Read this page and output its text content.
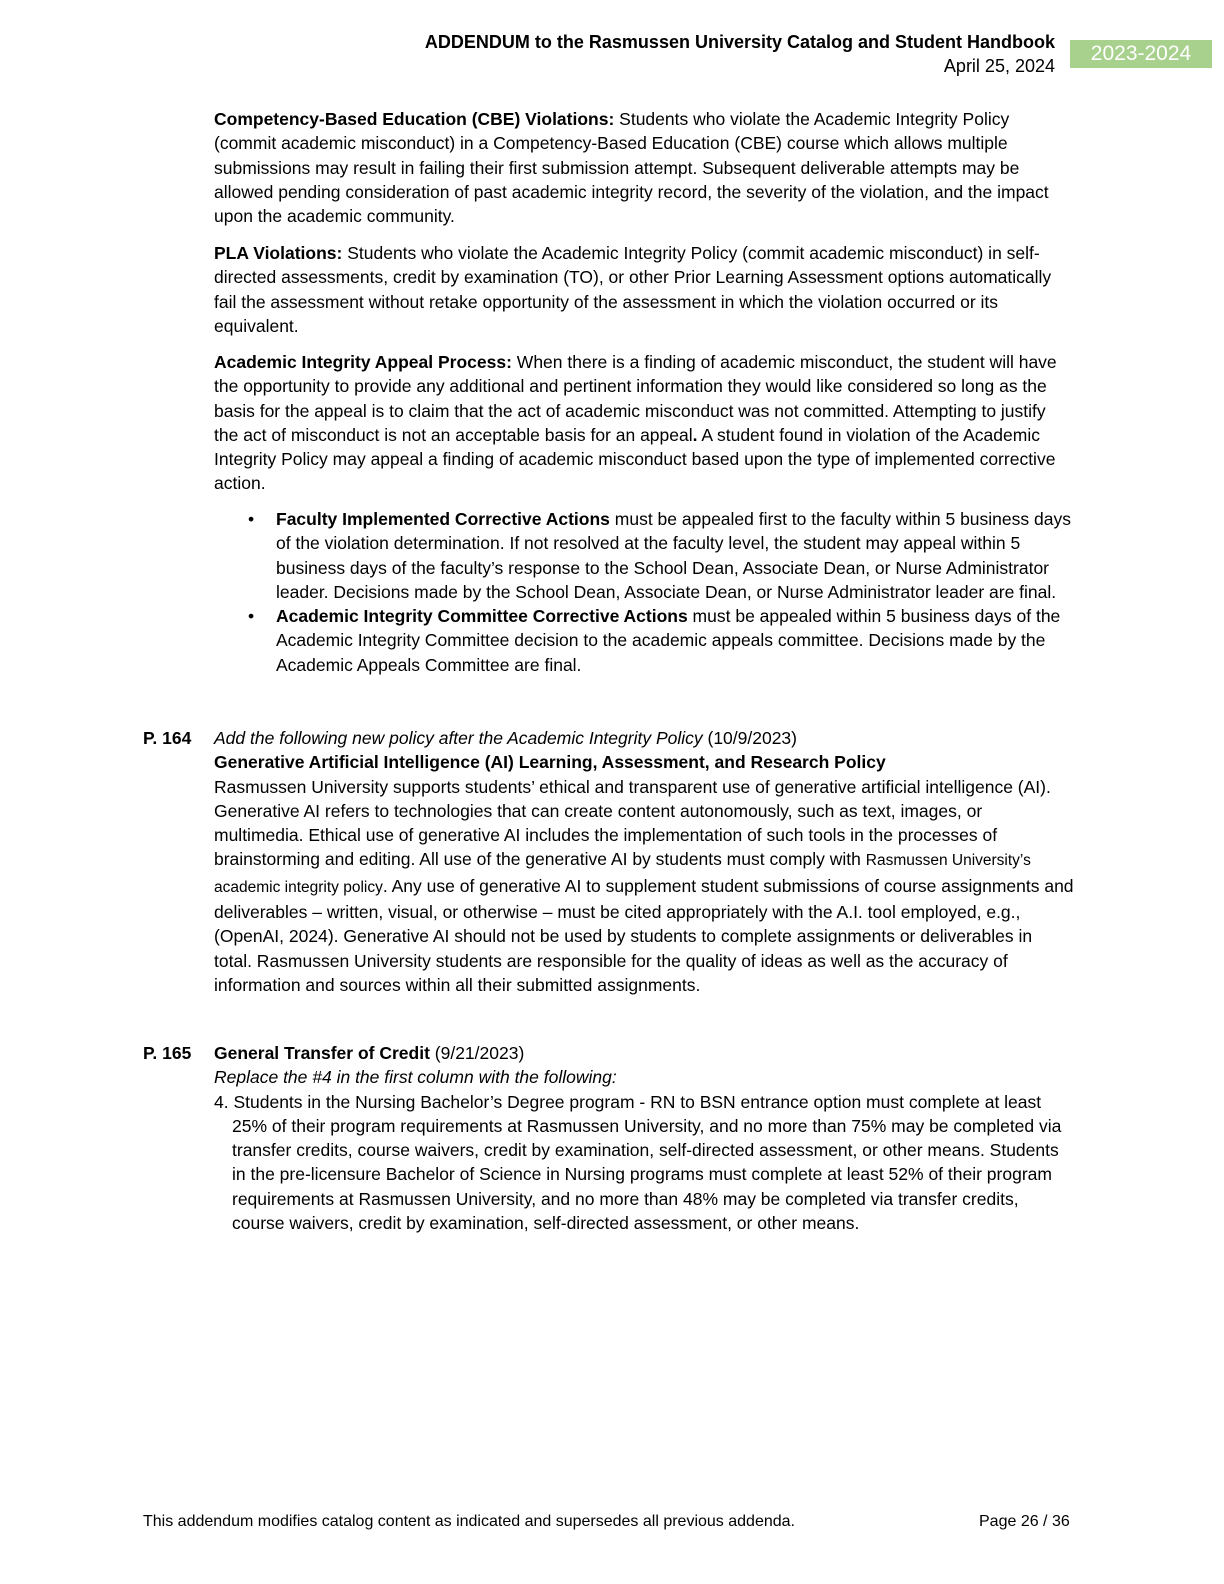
ADDENDUM to the Rasmussen University Catalog and Student Handbook
April 25, 2024
2023-2024

Competency-Based Education (CBE) Violations: Students who violate the Academic Integrity Policy (commit academic misconduct) in a Competency-Based Education (CBE) course which allows multiple submissions may result in failing their first submission attempt. Subsequent deliverable attempts may be allowed pending consideration of past academic integrity record, the severity of the violation, and the impact upon the academic community.

PLA Violations: Students who violate the Academic Integrity Policy (commit academic misconduct) in self-directed assessments, credit by examination (TO), or other Prior Learning Assessment options automatically fail the assessment without retake opportunity of the assessment in which the violation occurred or its equivalent.

Academic Integrity Appeal Process: When there is a finding of academic misconduct, the student will have the opportunity to provide any additional and pertinent information they would like considered so long as the basis for the appeal is to claim that the act of academic misconduct was not committed. Attempting to justify the act of misconduct is not an acceptable basis for an appeal. A student found in violation of the Academic Integrity Policy may appeal a finding of academic misconduct based upon the type of implemented corrective action.

• Faculty Implemented Corrective Actions must be appealed first to the faculty within 5 business days of the violation determination. If not resolved at the faculty level, the student may appeal within 5 business days of the faculty’s response to the School Dean, Associate Dean, or Nurse Administrator leader. Decisions made by the School Dean, Associate Dean, or Nurse Administrator leader are final.
• Academic Integrity Committee Corrective Actions must be appealed within 5 business days of the Academic Integrity Committee decision to the academic appeals committee. Decisions made by the Academic Appeals Committee are final.
P. 164 Add the following new policy after the Academic Integrity Policy (10/9/2023)

Generative Artificial Intelligence (AI) Learning, Assessment, and Research Policy

Rasmussen University supports students’ ethical and transparent use of generative artificial intelligence (AI). Generative AI refers to technologies that can create content autonomously, such as text, images, or multimedia. Ethical use of generative AI includes the implementation of such tools in the processes of brainstorming and editing. All use of the generative AI by students must comply with Rasmussen University’s academic integrity policy. Any use of generative AI to supplement student submissions of course assignments and deliverables – written, visual, or otherwise – must be cited appropriately with the A.I. tool employed, e.g., (OpenAI, 2024). Generative AI should not be used by students to complete assignments or deliverables in total. Rasmussen University students are responsible for the quality of ideas as well as the accuracy of information and sources within all their submitted assignments.

P. 165 General Transfer of Credit (9/21/2023)

Replace the #4 in the first column with the following:

4. Students in the Nursing Bachelor’s Degree program - RN to BSN entrance option must complete at least 25% of their program requirements at Rasmussen University, and no more than 75% may be completed via transfer credits, course waivers, credit by examination, self-directed assessment, or other means. Students in the pre-licensure Bachelor of Science in Nursing programs must complete at least 52% of their program requirements at Rasmussen University, and no more than 48% may be completed via transfer credits, course waivers, credit by examination, self-directed assessment, or other means.

This addendum modifies catalog content as indicated and supersedes all previous addenda.	Page 26 / 36
